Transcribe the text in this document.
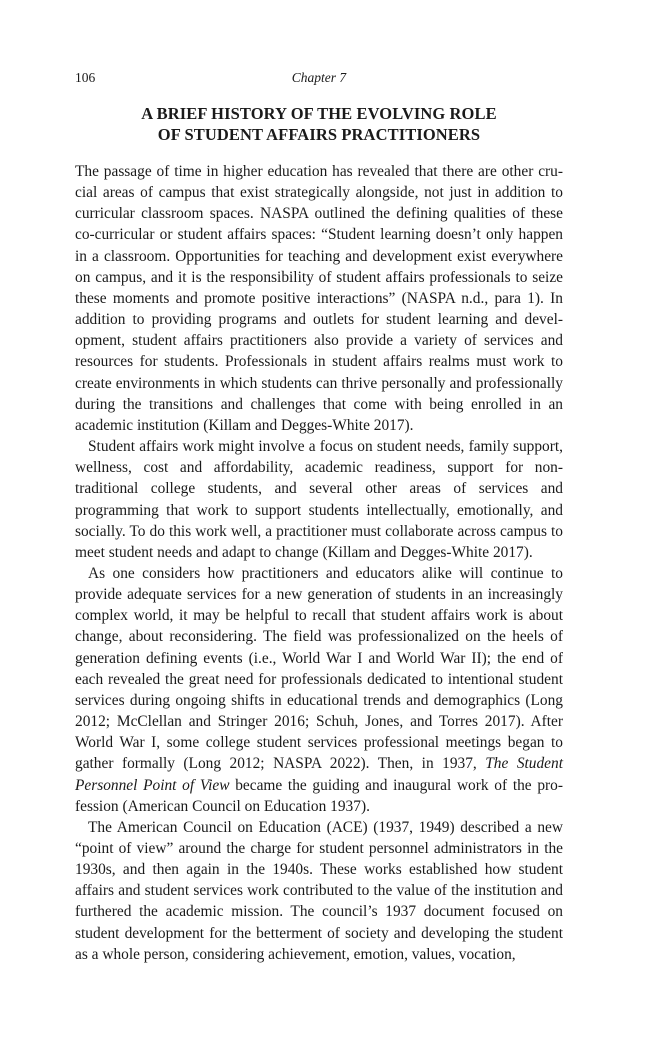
106	Chapter 7
A BRIEF HISTORY OF THE EVOLVING ROLE
OF STUDENT AFFAIRS PRACTITIONERS

The passage of time in higher education has revealed that there are other crucial areas of campus that exist strategically alongside, not just in addition to curricular classroom spaces. NASPA outlined the defining qualities of these co-curricular or student affairs spaces: “Student learning doesn’t only happen in a classroom. Opportunities for teaching and development exist everywhere on campus, and it is the responsibility of student affairs professionals to seize these moments and promote positive interactions” (NASPA n.d., para 1). In addition to providing programs and outlets for student learning and development, student affairs practitioners also provide a variety of services and resources for students. Professionals in student affairs realms must work to create environments in which students can thrive personally and professionally during the transitions and challenges that come with being enrolled in an academic institution (Killam and Degges-White 2017).

Student affairs work might involve a focus on student needs, family support, wellness, cost and affordability, academic readiness, support for non-traditional college students, and several other areas of services and programming that work to support students intellectually, emotionally, and socially. To do this work well, a practitioner must collaborate across campus to meet student needs and adapt to change (Killam and Degges-White 2017).

As one considers how practitioners and educators alike will continue to provide adequate services for a new generation of students in an increasingly complex world, it may be helpful to recall that student affairs work is about change, about reconsidering. The field was professionalized on the heels of generation defining events (i.e., World War I and World War II); the end of each revealed the great need for professionals dedicated to intentional student services during ongoing shifts in educational trends and demographics (Long 2012; McClellan and Stringer 2016; Schuh, Jones, and Torres 2017). After World War I, some college student services professional meetings began to gather formally (Long 2012; NASPA 2022). Then, in 1937, The Student Personnel Point of View became the guiding and inaugural work of the profession (American Council on Education 1937).

The American Council on Education (ACE) (1937, 1949) described a new “point of view” around the charge for student personnel administrators in the 1930s, and then again in the 1940s. These works established how student affairs and student services work contributed to the value of the institution and furthered the academic mission. The council’s 1937 document focused on student development for the betterment of society and developing the student as a whole person, considering achievement, emotion, values, vocation,
